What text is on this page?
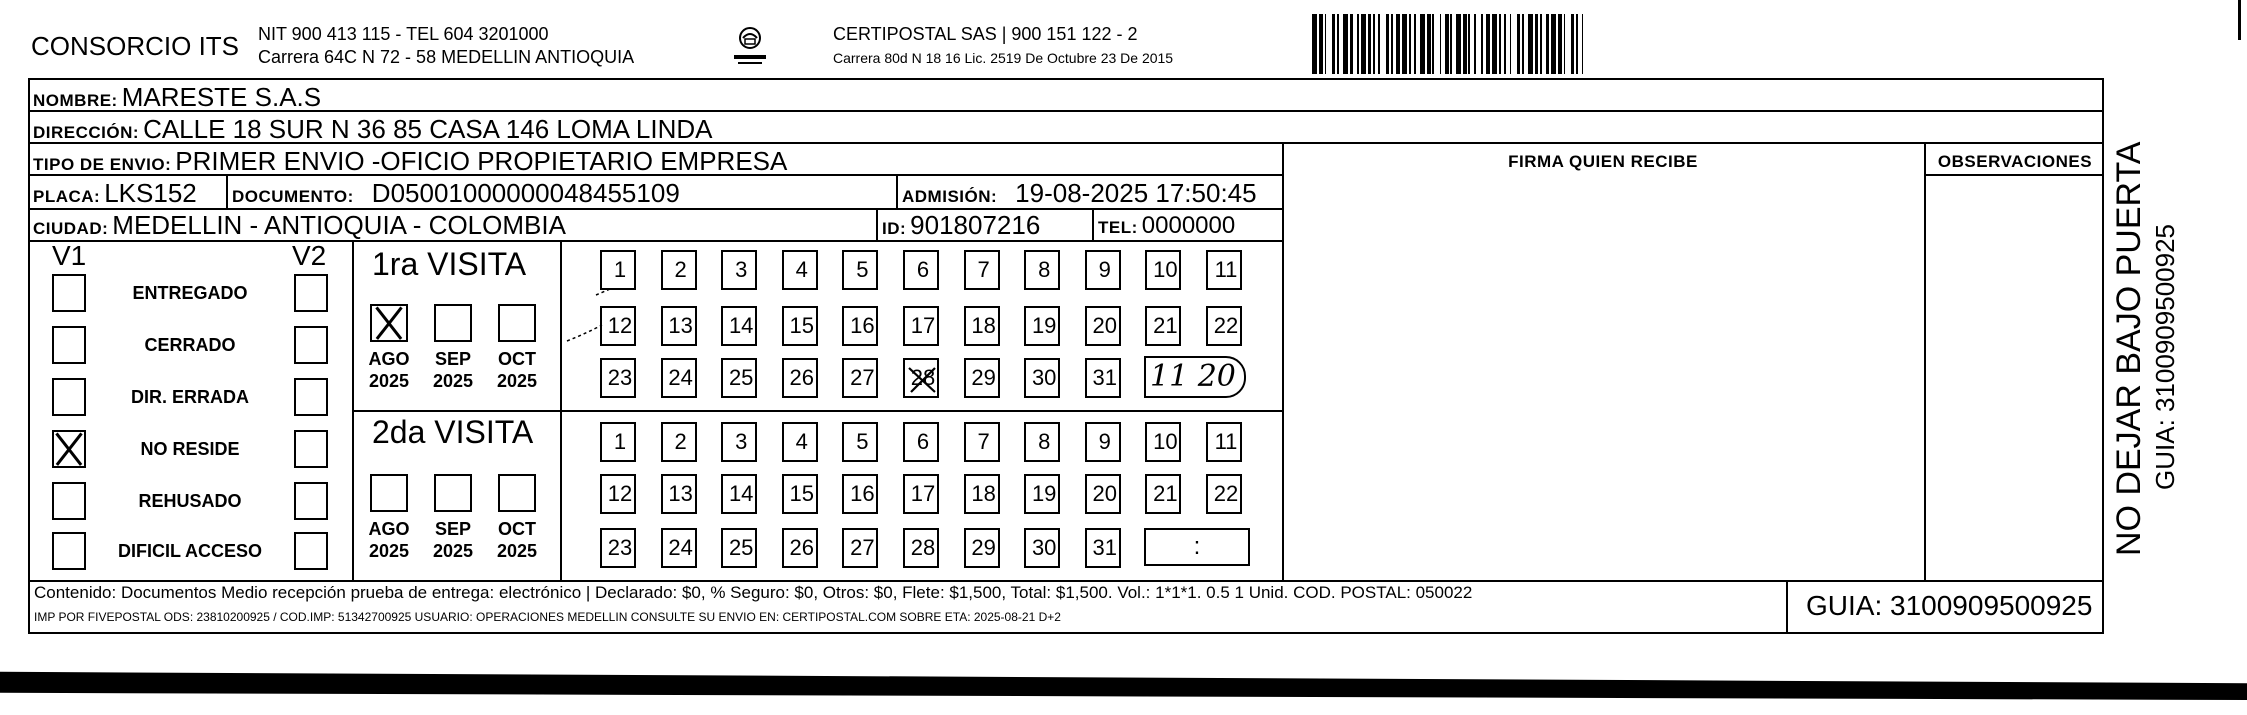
CONSORCIO ITS NIT 900 413 115 - TEL 604 3201000
Carrera 64C N 72 - 58 MEDELLIN ANTIOQUIA
CERTIPOSTAL SAS | 900 151 122 - 2
Carrera 80d N 18 16 Lic. 2519 De Octubre 23 De 2015
NOMBRE: MARESTE S.A.S
DIRECCIÓN: CALLE 18 SUR N 36 85 CASA 146 LOMA LINDA
TIPO DE ENVIO: PRIMER ENVIO -OFICIO PROPIETARIO EMPRESA	FIRMA QUIEN RECIBE	OBSERVACIONES
PLACA: LKS152 DOCUMENTO: D05001000000048455109	ADMISIÓN: 19-08-2025 17:50:45
CIUDAD: MEDELLIN - ANTIOQUIA - COLOMBIA	ID: 901807216	TEL: 0000000
V1	V2
ENTREGADO
CERRADO
DIR. ERRADA
NO RESIDE
REHUSADO
DIFICIL ACCESO
1ra VISITA
AGO
2025
SEP
2025
OCT
2025
1	2	3	4	5	6	7	8	9	10	11
12	13	14	15	16	17	18	19	20	21	22
23	24	25	26	27	28	29	30	31 11 20
2da VISITA
AGO
2025
SEP
2025
OCT
2025
1	2	3	4	5	6	7	8	9	10	11
12	13	14	15	16	17	18	19	20	21	22
23	24	25	26	27	28	29	30	31	:
Contenido: Documentos Medio recepción prueba de entrega: electrónico | Declarado: $0, % Seguro: $0, Otros: $0, Flete: $1,500, Total: $1,500. Vol.: 1*1*1. 0.5 1 Unid. COD. POSTAL: 050022
IMP POR FIVEPOSTAL ODS: 23810200925 / COD.IMP: 51342700925 USUARIO: OPERACIONES MEDELLIN CONSULTE SU ENVIO EN: CERTIPOSTAL.COM SOBRE ETA: 2025-08-21 D+2	GUIA: 3100909500925
NO DEJAR BAJO PUERTA GUIA: 3100909500925
